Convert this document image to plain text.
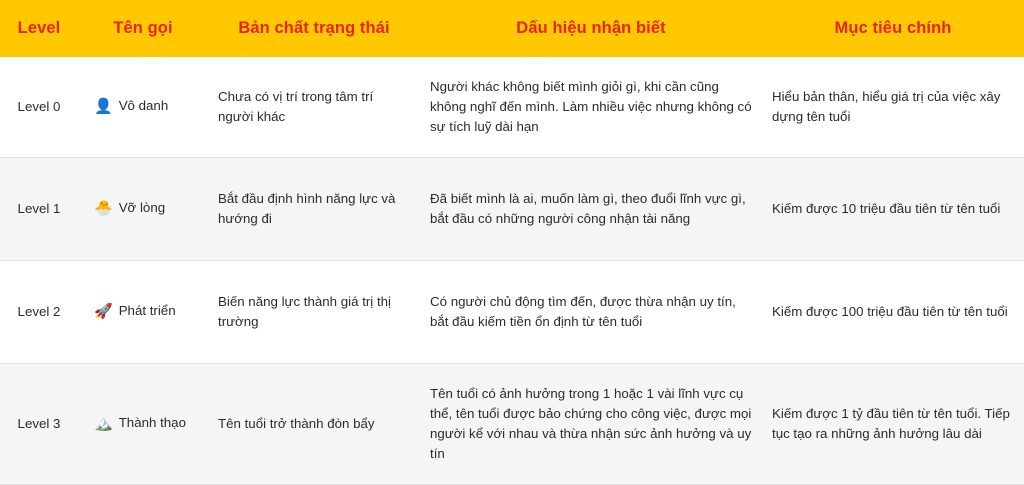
Level	Tên gọi	Bản chất trạng thái	Dấu hiệu nhận biết	Mục tiêu chính
Level 0	👤 Vô danh	Chưa có vị trí trong tâm trí người khác	Người khác không biết mình giỏi gì, khi cần cũng không nghĩ đến mình. Làm nhiều việc nhưng không có sự tích luỹ dài hạn	Hiểu bản thân, hiểu giá trị của việc xây dựng tên tuổi
Level 1	🐣 Vỡ lòng	Bắt đầu định hình năng lực và hướng đi	Đã biết mình là ai, muốn làm gì, theo đuổi lĩnh vực gì, bắt đầu có những người công nhận tài năng	Kiếm được 10 triệu đầu tiên từ tên tuổi
Level 2	🚀 Phát triển	Biến năng lực thành giá trị thị trường	Có người chủ động tìm đến, được thừa nhận uy tín, bắt đầu kiếm tiền ổn định từ tên tuổi	Kiếm được 100 triệu đầu tiên từ tên tuổi
Level 3	🏔️ Thành thạo	Tên tuổi trở thành đòn bẩy	Tên tuổi có ảnh hưởng trong 1 hoặc 1 vài lĩnh vực cụ thể, tên tuổi được bảo chứng cho công việc, được mọi người kể với nhau và thừa nhận sức ảnh hưởng và uy tín	Kiếm được 1 tỷ đầu tiên từ tên tuổi. Tiếp tục tạo ra những ảnh hưởng lâu dài
